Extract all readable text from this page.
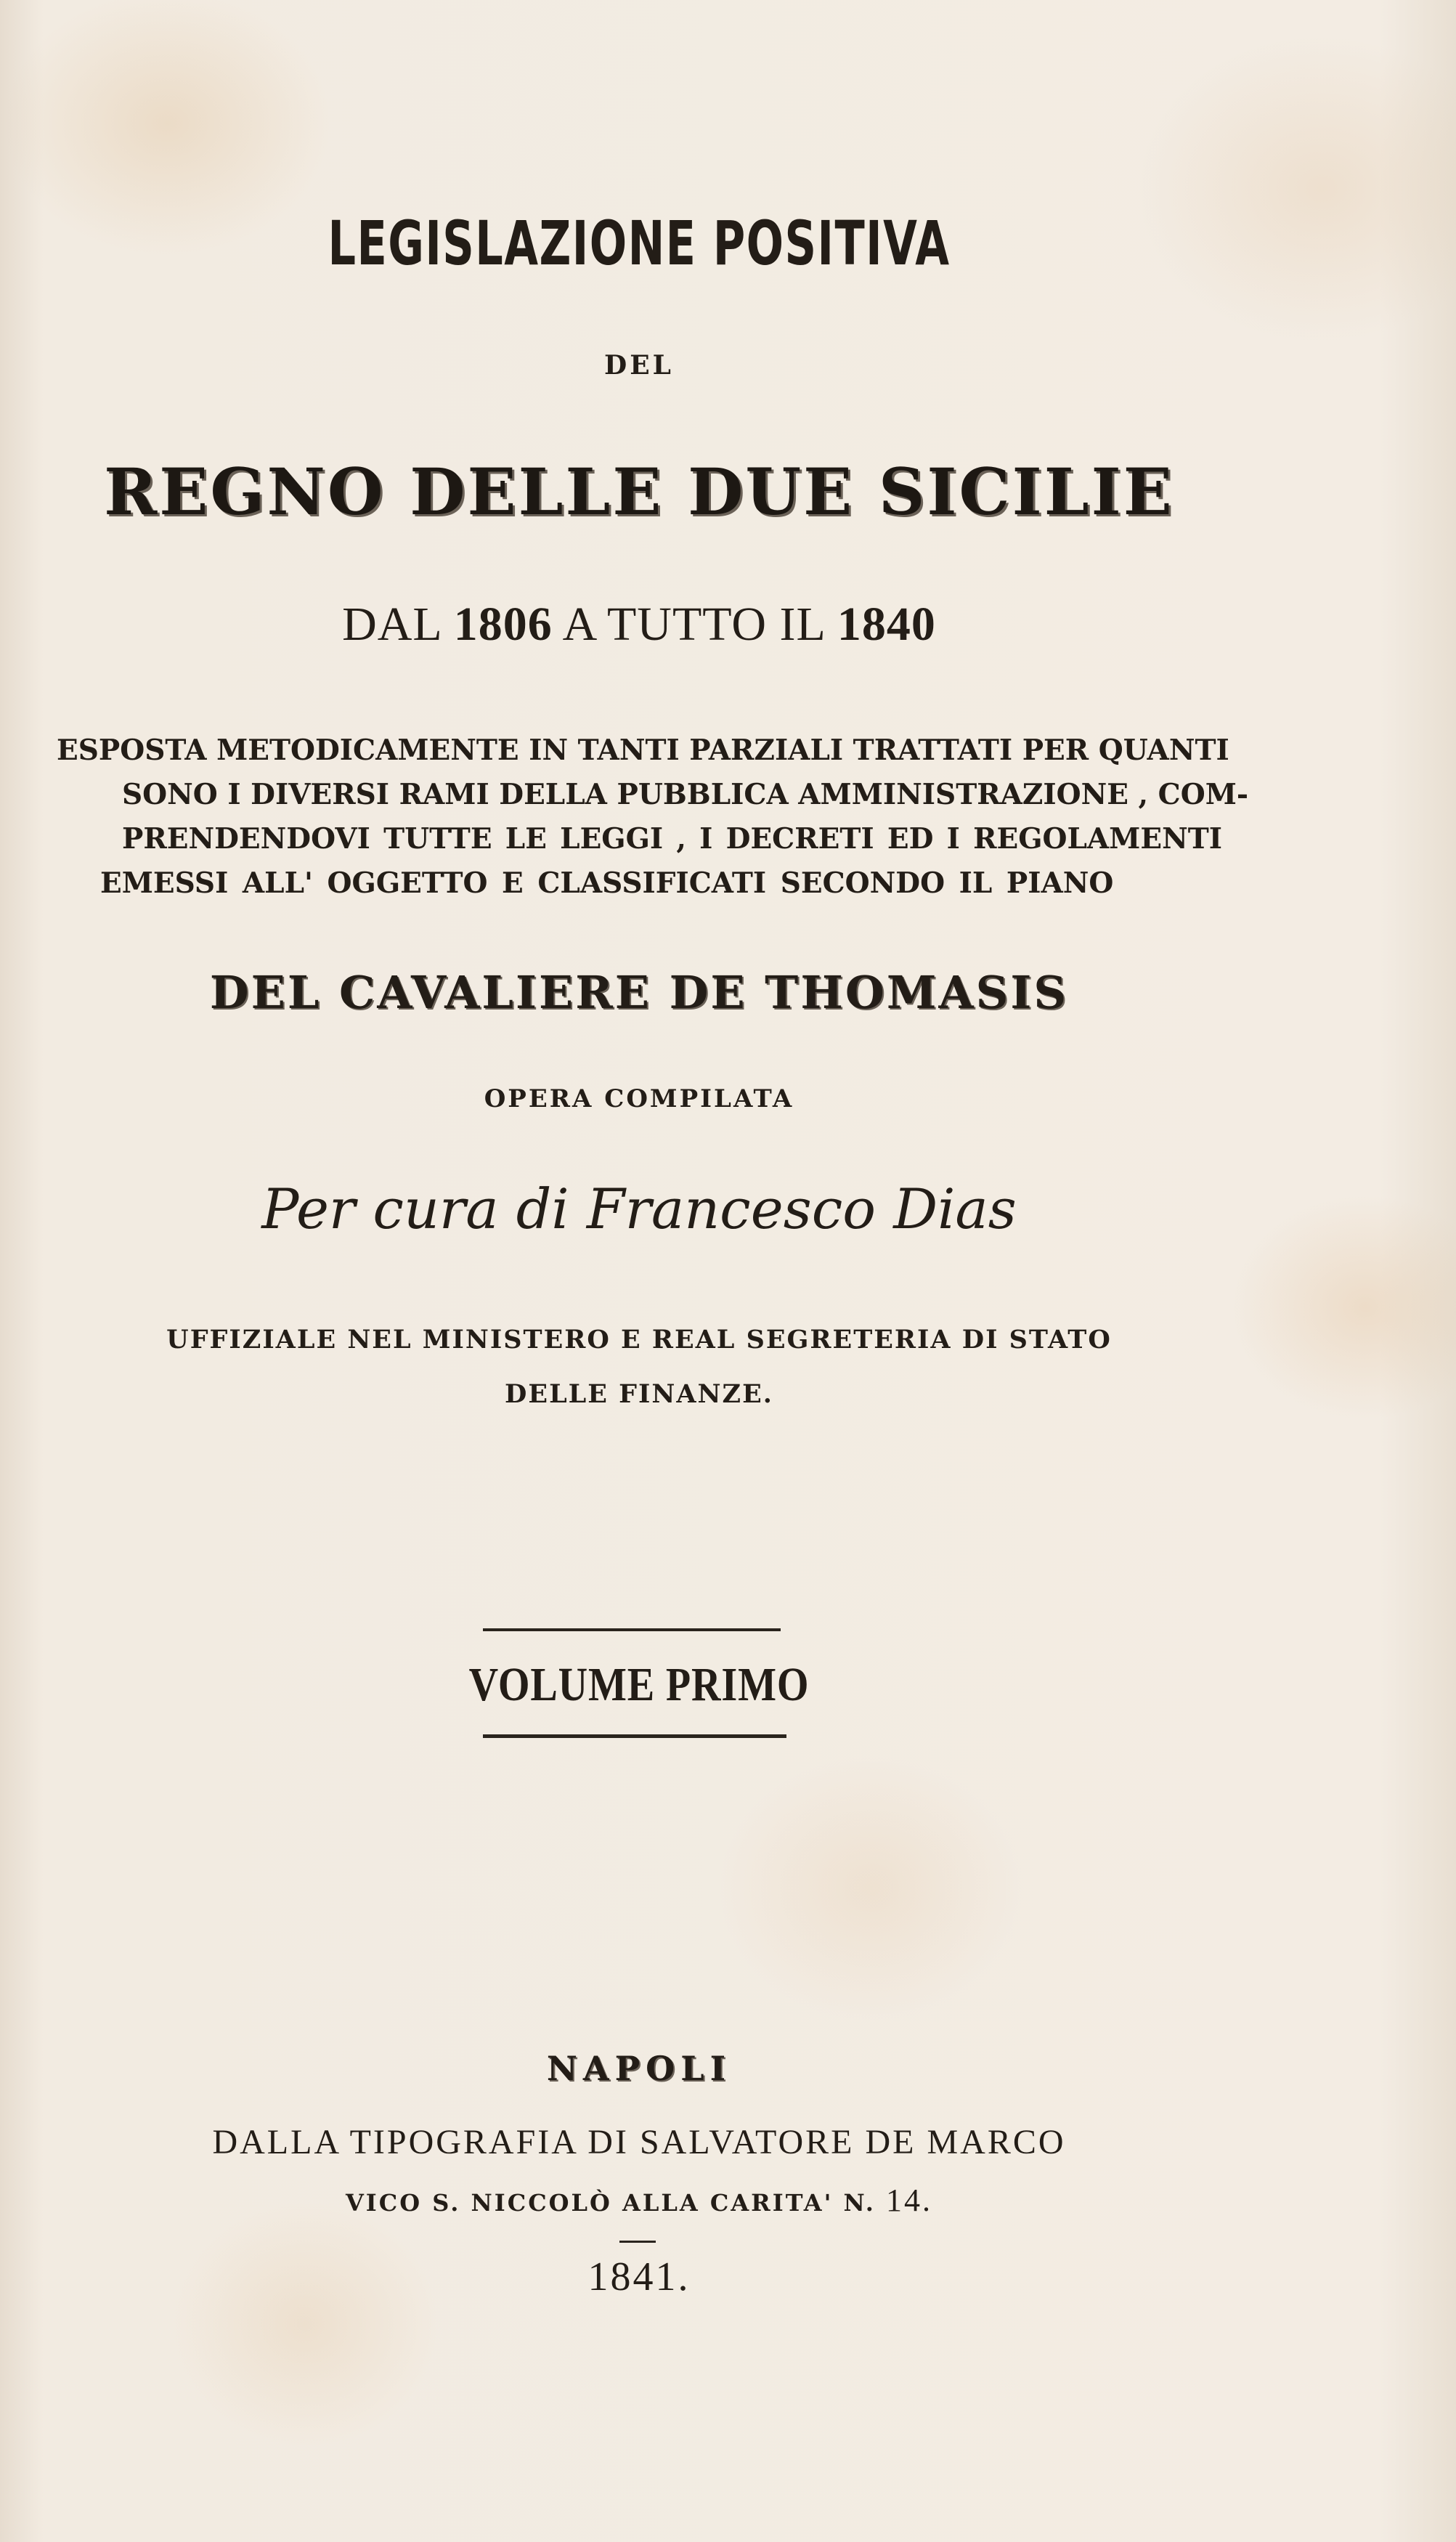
LEGISLAZIONE POSITIVA
DEL
REGNO DELLE DUE SICILIE
DAL 1806 A TUTTO IL 1840
ESPOSTA METODICAMENTE IN TANTI PARZIALI TRATTATI PER QUANTI
SONO I DIVERSI RAMI DELLA PUBBLICA AMMINISTRAZIONE , COM-
PRENDENDOVI TUTTE LE LEGGI , I DECRETI ED I REGOLAMENTI
EMESSI ALL' OGGETTO E CLASSIFICATI SECONDO IL PIANO
DEL CAVALIERE DE THOMASIS
OPERA COMPILATA
Per cura di Francesco Dias
UFFIZIALE NEL MINISTERO E REAL SEGRETERIA DI STATO
DELLE FINANZE.
VOLUME PRIMO
NAPOLI
DALLA TIPOGRAFIA DI SALVATORE DE MARCO
VICO S. NICCOLÒ ALLA CARITA' N. 14.
1841.
